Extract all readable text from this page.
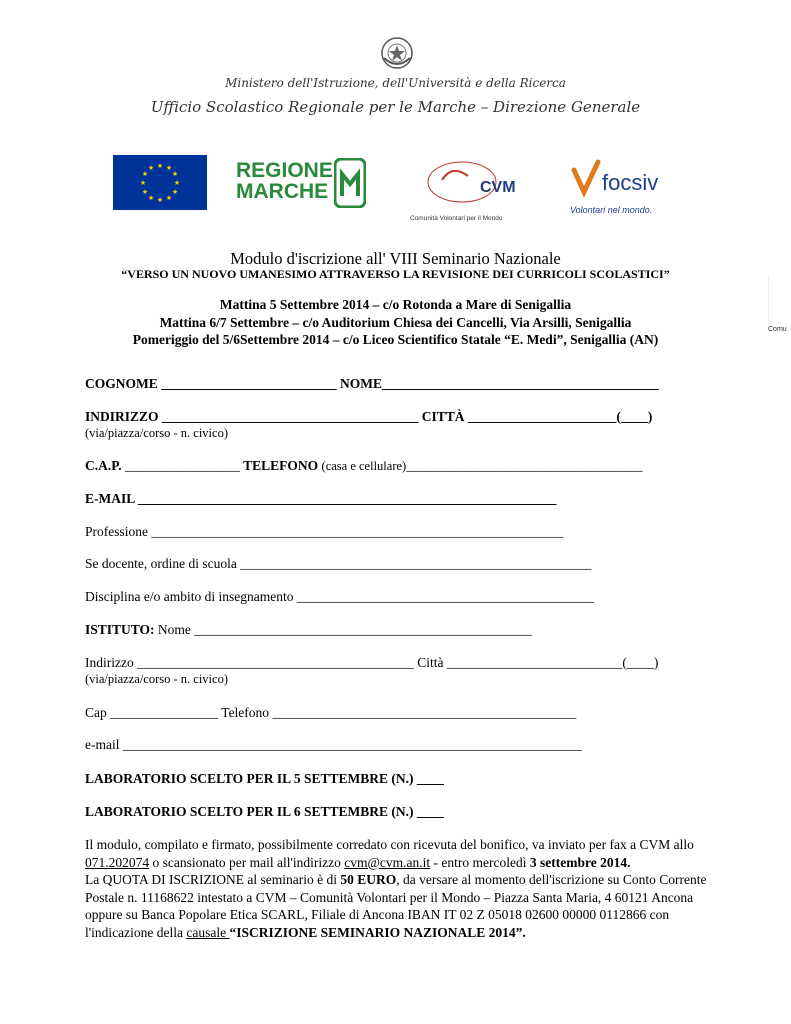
Ministero dell'Istruzione, dell'Università e della Ricerca
Ufficio Scolastico Regionale per le Marche – Direzione Generale
★ ★
★
★
★
★
★
★
★
★
★
★	REGIONE
MARCHE	CVM
Comunità Volontari per il Mondo
focsiv
Volontari nel mondo.
Comu
Modulo d'iscrizione all' VIII Seminario Nazionale
“VERSO UN NUOVO UMANESIMO ATTRAVERSO LA REVISIONE DEI CURRICOLI SCOLASTICI”
Mattina 5 Settembre 2014 – c/o Rotonda a Mare di Senigallia
Mattina 6/7 Settembre – c/o Auditorium Chiesa dei Cancelli, Via Arsilli, Senigallia
Pomeriggio del 5/6Settembre 2014 – c/o Liceo Scientifico Statale “E. Medi”, Senigallia (AN)
COGNOME __________________________ NOME_________________________________________
INDIRIZZO ______________________________________ CITTÀ ______________________(____)
(via/piazza/corso - n. civico)
C.A.P. _________________ TELEFONO (casa e cellulare)___________________________________
E-MAIL ______________________________________________________________
Professione _____________________________________________________________
Se docente, ordine di scuola ____________________________________________________
Disciplina e/o ambito di insegnamento ____________________________________________
ISTITUTO: Nome __________________________________________________
Indirizzo _________________________________________ Città __________________________(____)
(via/piazza/corso - n. civico)
Cap ________________ Telefono _____________________________________________
e-mail ____________________________________________________________________
LABORATORIO SCELTO PER IL 5 SETTEMBRE (N.) ____
LABORATORIO SCELTO PER IL 6 SETTEMBRE (N.) ____
Il modulo, compilato e firmato, possibilmente corredato con ricevuta del bonifico, va inviato per fax a CVM allo 071.202074 o scansionato per mail all'indirizzo cvm@cvm.an.it - entro mercoledì 3 settembre 2014.
La QUOTA DI ISCRIZIONE al seminario è di 50 EURO, da versare al momento dell'iscrizione su Conto Corrente Postale n. 11168622 intestato a CVM – Comunità Volontari per il Mondo – Piazza Santa Maria, 4 60121 Ancona oppure su Banca Popolare Etica SCARL, Filiale di Ancona IBAN IT 02 Z 05018 02600 00000 0112866 con l'indicazione della causale “ISCRIZIONE SEMINARIO NAZIONALE 2014”.
